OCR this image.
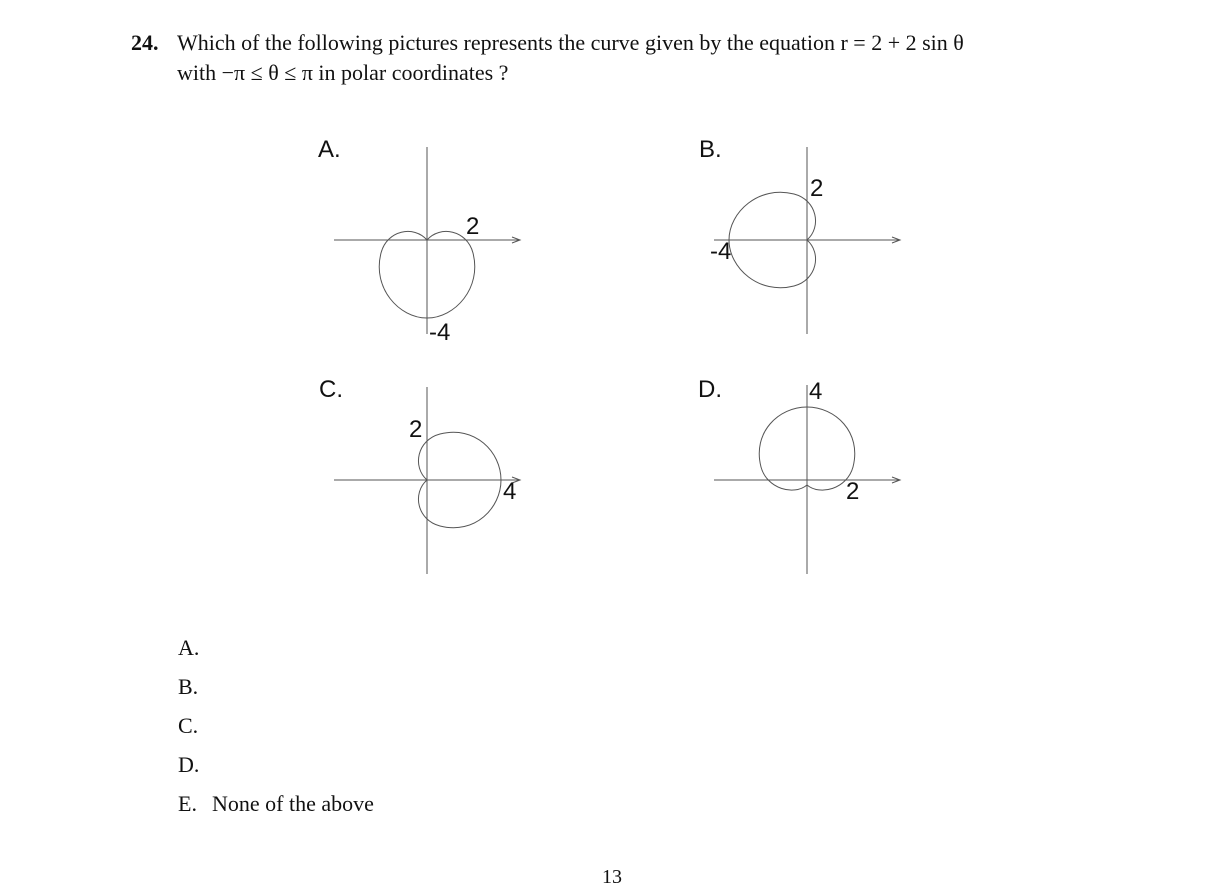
24. Which of the following pictures represents the curve given by the equation r = 2 + 2 sin θ
with −π ≤ θ ≤ π in polar coordinates ?
A.	B.
C.	D.
2
-4
2
-4
2
4
4
2
A.
B.
C.
D.
E. None of the above
13
